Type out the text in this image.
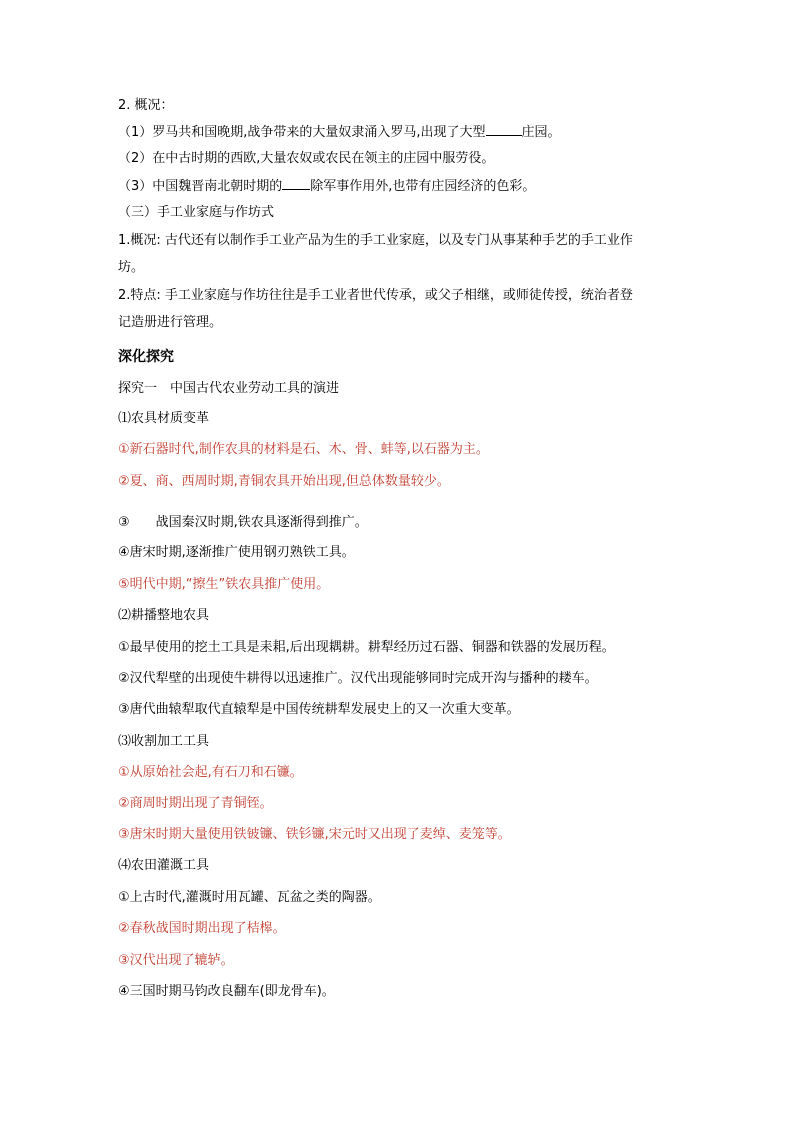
2. 概况：
（1）罗马共和国晚期,战争带来的大量奴隶涌入罗马,出现了大型	庄园。
（2）在中古时期的西欧,大量农奴或农民在领主的庄园中服劳役。
（3）中国魏晋南北朝时期的 除军事作用外,也带有庄园经济的色彩。
（三）手工业家庭与作坊式
1.概况: 古代还有以制作手工业产品为生的手工业家庭，以及专门从事某种手艺的手工业作
坊。
2.特点: 手工业家庭与作坊往往是手工业者世代传承，或父子相继，或师徒传授，统治者登
记造册进行管理。
深化探究
探究一　中国古代农业劳动工具的演进
⑴农具材质变革
①新石器时代,制作农具的材料是石、木、骨、蚌等,以石器为主。
②夏、商、西周时期,青铜农具开始出现,但总体数量较少。
③ 战国秦汉时期,铁农具逐渐得到推广。
④唐宋时期,逐渐推广使用钢刃熟铁工具。
⑤明代中期,“擦生”铁农具推广使用。
⑵耕播整地农具
①最早使用的挖土工具是耒耜,后出现耦耕。耕犁经历过石器、铜器和铁器的发展历程。
②汉代犁壁的出现使牛耕得以迅速推广。汉代出现能够同时完成开沟与播种的耧车。
③唐代曲辕犁取代直辕犁是中国传统耕犁发展史上的又一次重大变革。
⑶收割加工工具
①从原始社会起,有石刀和石镰。
②商周时期出现了青铜铚。
③唐宋时期大量使用铁铍镰、铁钐镰,宋元时又出现了麦绰、麦笼等。
⑷农田灌溉工具
①上古时代,灌溉时用瓦罐、瓦盆之类的陶器。
②春秋战国时期出现了桔槔。
③汉代出现了辘轳。
④三国时期马钧改良翻车(即龙骨车)。
